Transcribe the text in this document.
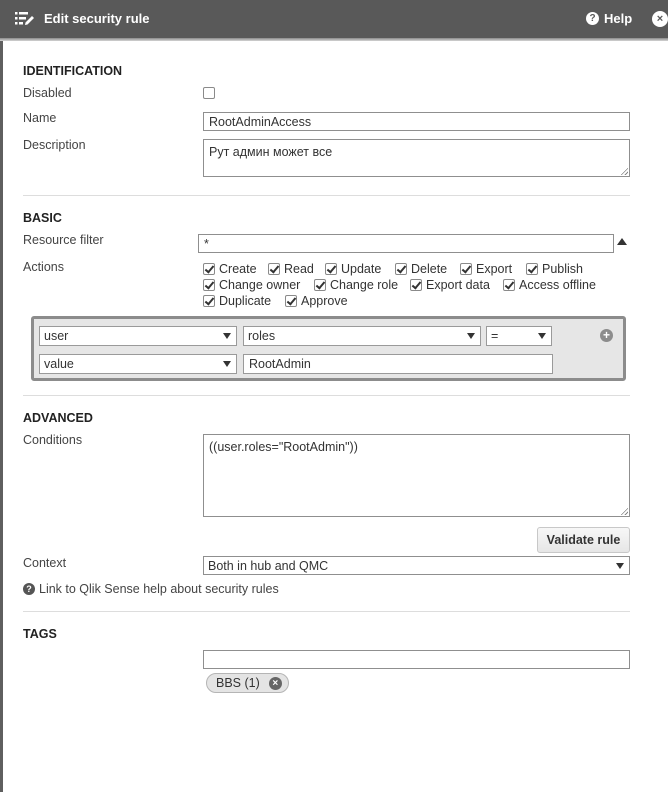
Edit security rule	? Help	×
IDENTIFICATION
Disabled
Name	RootAdminAccess
Description	Рут админ может все
BASIC
Resource filter	*
Actions	Create Read Update Delete Export Publish
Change owner Change role Export data Access offline
Duplicate Approve
user	roles	=	+
value	RootAdmin
ADVANCED
Conditions	((user.roles="RootAdmin"))
Validate rule
Context	Both in hub and QMC
? Link to Qlik Sense help about security rules
TAGS
BBS (1)	×
